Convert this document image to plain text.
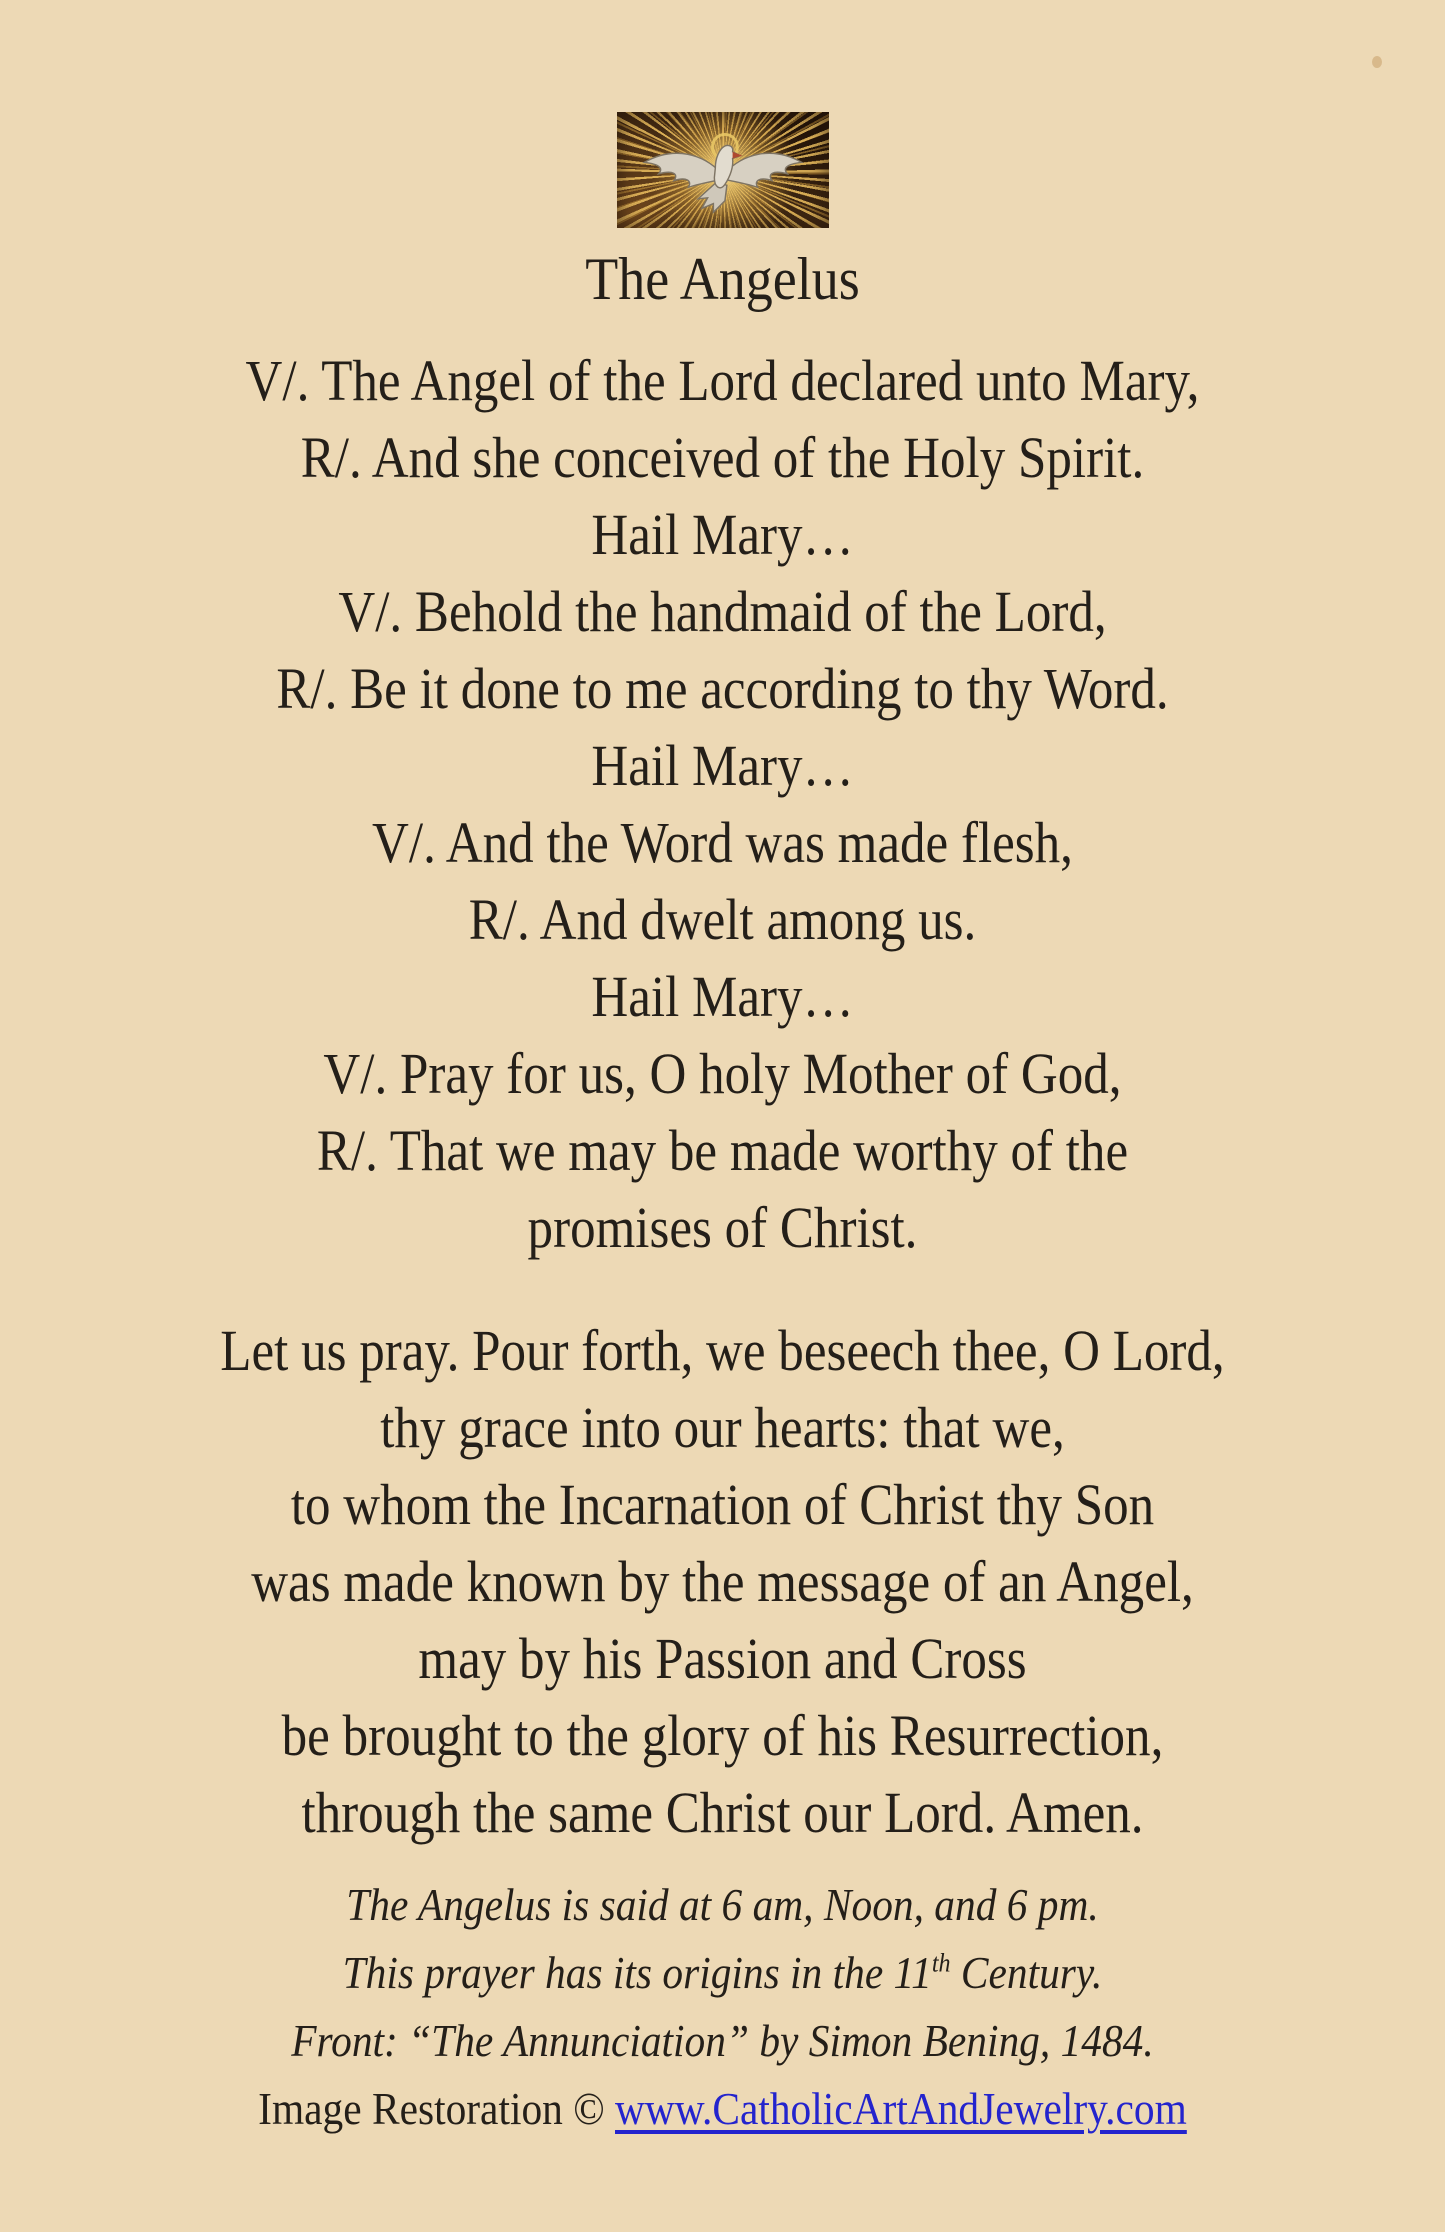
The Angelus
V/. The Angel of the Lord declared unto Mary,
R/. And she conceived of the Holy Spirit.
Hail Mary…
V/. Behold the handmaid of the Lord,
R/. Be it done to me according to thy Word.
Hail Mary…
V/. And the Word was made flesh,
R/. And dwelt among us.
Hail Mary…
V/. Pray for us, O holy Mother of God,
R/. That we may be made worthy of the
promises of Christ.
Let us pray. Pour forth, we beseech thee, O Lord,
thy grace into our hearts: that we,
to whom the Incarnation of Christ thy Son
was made known by the message of an Angel,
may by his Passion and Cross
be brought to the glory of his Resurrection,
through the same Christ our Lord. Amen.
The Angelus is said at 6 am, Noon, and 6 pm.
This prayer has its origins in the 11th Century.
Front: “The Annunciation” by Simon Bening, 1484.
Image Restoration © www.CatholicArtAndJewelry.com
